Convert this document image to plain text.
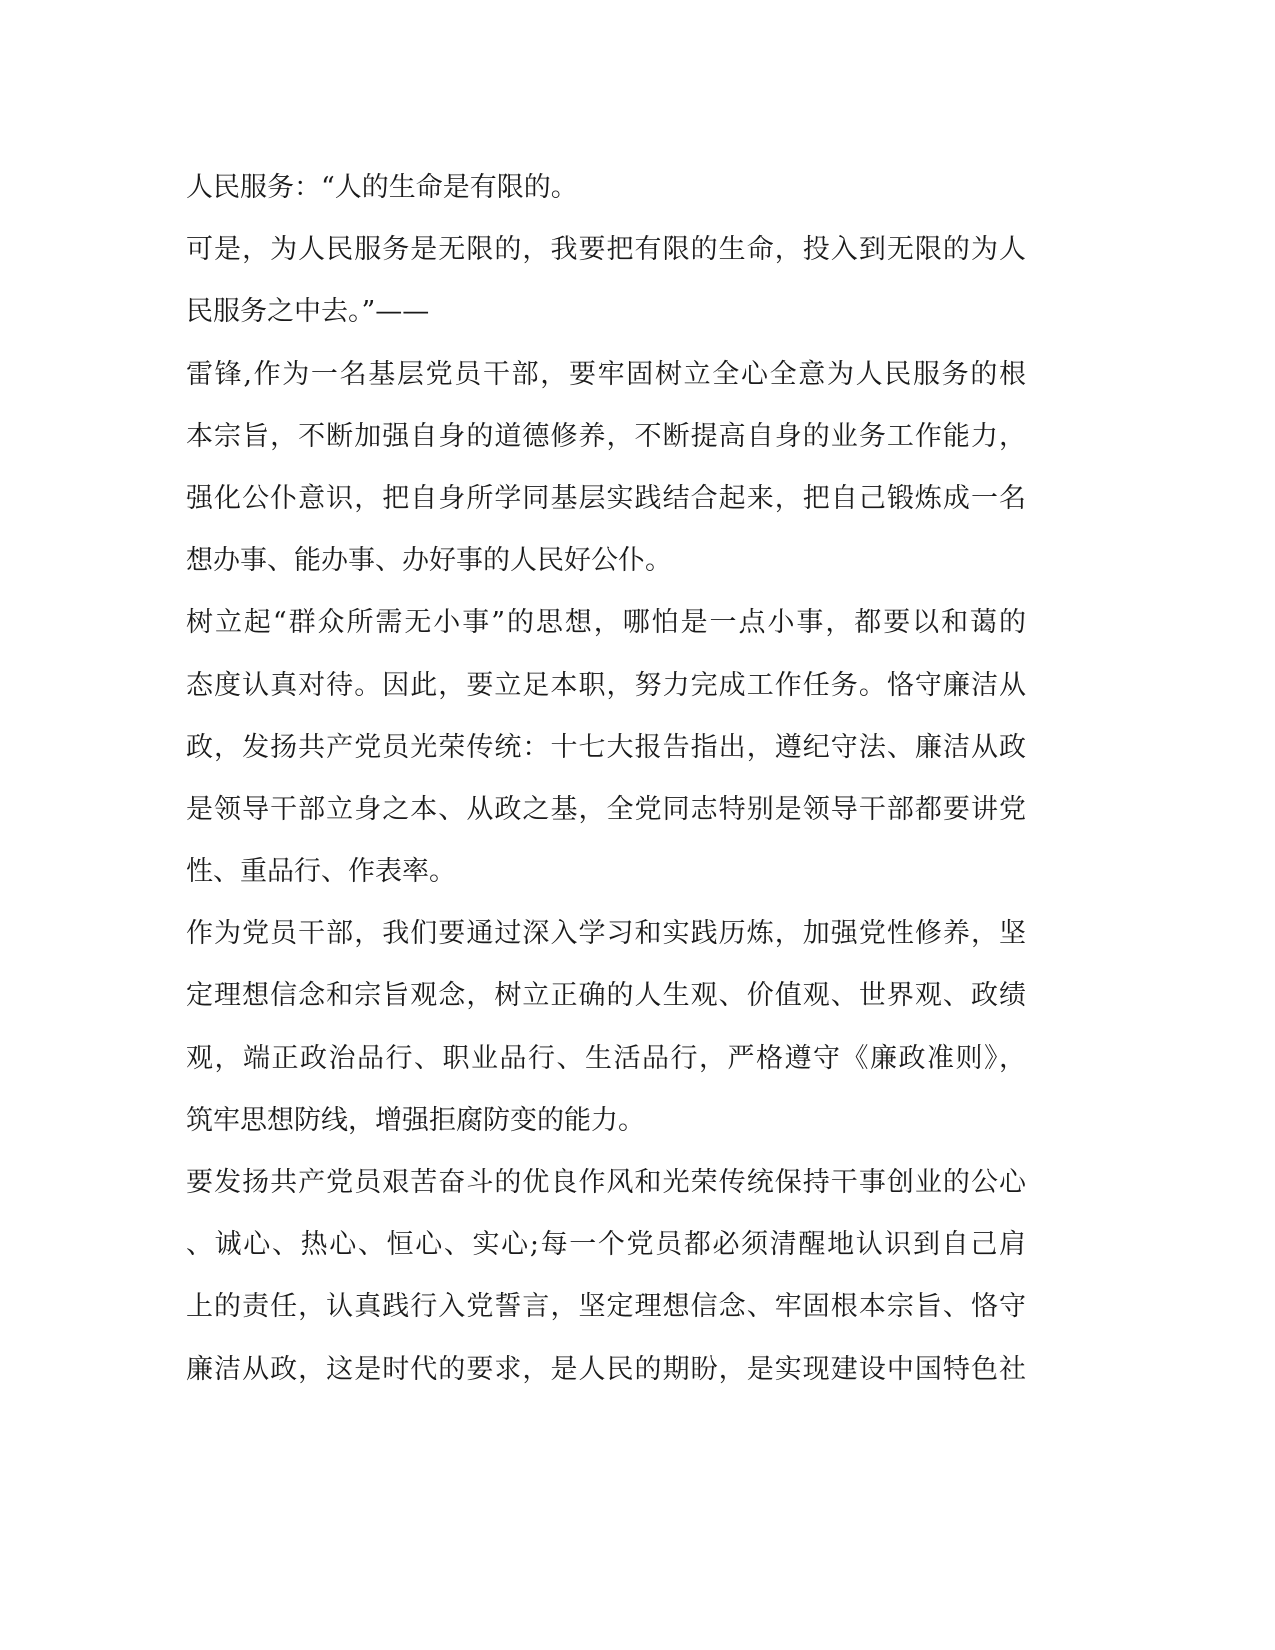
人民服务：“人的生命是有限的。
可是，为人民服务是无限的，我要把有限的生命，投入到无限的为人
民服务之中去。”——
雷锋,作为一名基层党员干部，要牢固树立全心全意为人民服务的根
本宗旨，不断加强自身的道德修养，不断提高自身的业务工作能力，
强化公仆意识，把自身所学同基层实践结合起来，把自己锻炼成一名
想办事、能办事、办好事的人民好公仆。
树立起“群众所需无小事”的思想，哪怕是一点小事，都要以和蔼的
态度认真对待。因此，要立足本职，努力完成工作任务。恪守廉洁从
政，发扬共产党员光荣传统：十七大报告指出，遵纪守法、廉洁从政
是领导干部立身之本、从政之基，全党同志特别是领导干部都要讲党
性、重品行、作表率。
作为党员干部，我们要通过深入学习和实践历炼，加强党性修养，坚
定理想信念和宗旨观念，树立正确的人生观、价值观、世界观、政绩
观，端正政治品行、职业品行、生活品行，严格遵守《廉政准则》，
筑牢思想防线，增强拒腐防变的能力。
要发扬共产党员艰苦奋斗的优良作风和光荣传统保持干事创业的公心
、诚心、热心、恒心、实心;每一个党员都必须清醒地认识到自己肩
上的责任，认真践行入党誓言，坚定理想信念、牢固根本宗旨、恪守
廉洁从政，这是时代的要求，是人民的期盼，是实现建设中国特色社
